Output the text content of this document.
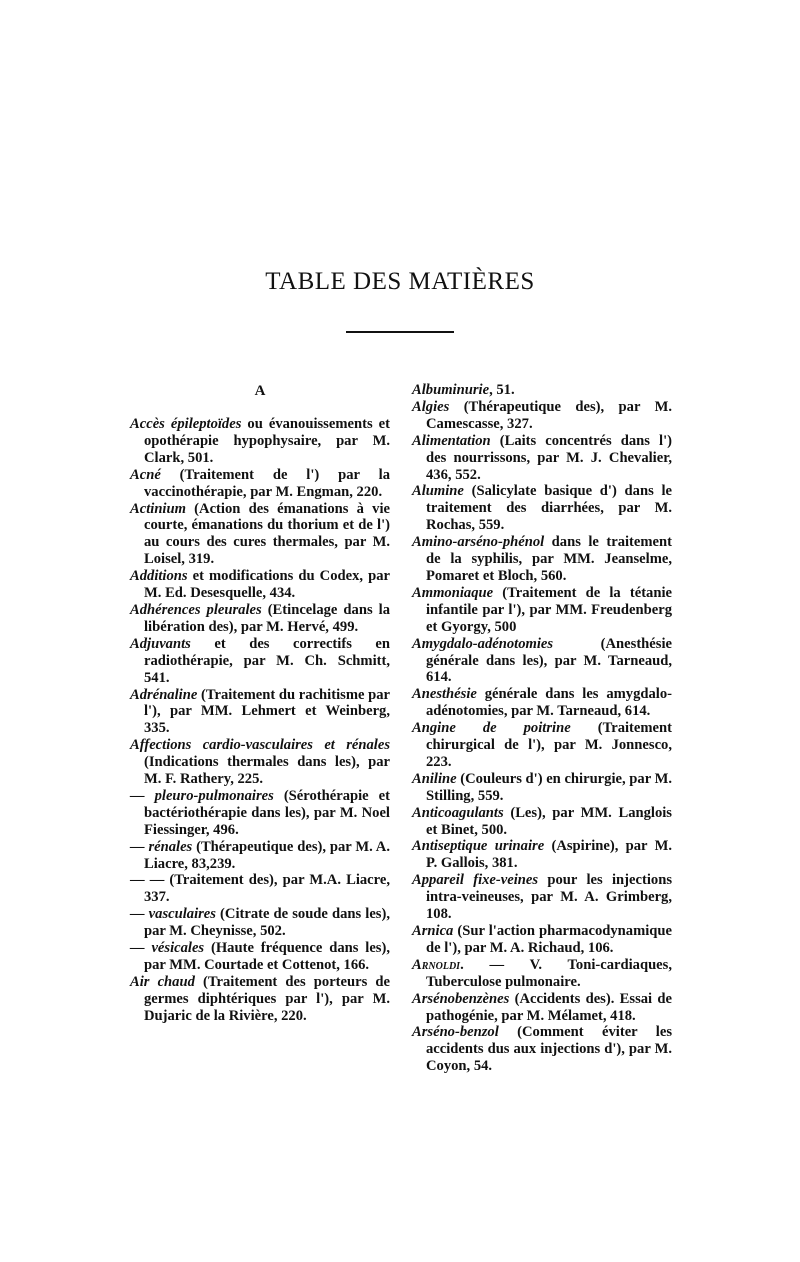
TABLE DES MATIÈRES
A
Accès épileptoïdes ou évanouissements et opothérapie hypophysaire, par M. Clark, 501.
Acné (Traitement de l') par la vaccinothérapie, par M. Engman, 220.
Actinium (Action des émanations à vie courte, émanations du thorium et de l') au cours des cures thermales, par M. Loisel, 319.
Additions et modifications du Codex, par M. Ed. Desesquelle, 434.
Adhérences pleurales (Etincelage dans la libération des), par M. Hervé, 499.
Adjuvants et des correctifs en radiothérapie, par M. Ch. Schmitt, 541.
Adrénaline (Traitement du rachitisme par l'), par MM. Lehmert et Weinberg, 335.
Affections cardio-vasculaires et rénales (Indications thermales dans les), par M. F. Rathery, 225.
— pleuro-pulmonaires (Sérothérapie et bactériothérapie dans les), par M. Noel Fiessinger, 496.
— rénales (Thérapeutique des), par M. A. Liacre, 83,239.
— — (Traitement des), par M.A. Liacre, 337.
— vasculaires (Citrate de soude dans les), par M. Cheynisse, 502.
— vésicales (Haute fréquence dans les), par MM. Courtade et Cottenot, 166.
Air chaud (Traitement des porteurs de germes diphtériques par l'), par M. Dujaric de la Rivière, 220.
Albuminurie, 51.
Algies (Thérapeutique des), par M. Camescasse, 327.
Alimentation (Laits concentrés dans l') des nourrissons, par M. J. Chevalier, 436, 552.
Alumine (Salicylate basique d') dans le traitement des diarrhées, par M. Rochas, 559.
Amino-arséno-phénol dans le traitement de la syphilis, par MM. Jeanselme, Pomaret et Bloch, 560.
Ammoniaque (Traitement de la tétanie infantile par l'), par MM. Freudenberg et Gyorgy, 500
Amygdalo-adénotomies (Anesthésie générale dans les), par M. Tarneaud, 614.
Anesthésie générale dans les amygdalo-adénotomies, par M. Tarneaud, 614.
Angine de poitrine (Traitement chirurgical de l'), par M. Jonnesco, 223.
Aniline (Couleurs d') en chirurgie, par M. Stilling, 559.
Anticoagulants (Les), par MM. Langlois et Binet, 500.
Antiseptique urinaire (Aspirine), par M. P. Gallois, 381.
Appareil fixe-veines pour les injections intra-veineuses, par M. A. Grimberg, 108.
Arnica (Sur l'action pharmacodynamique de l'), par M. A. Richaud, 106.
Arnoldi. — V. Toni-cardiaques, Tuberculose pulmonaire.
Arsénobenzènes (Accidents des). Essai de pathogénie, par M. Mélamet, 418.
Arséno-benzol (Comment éviter les accidents dus aux injections d'), par M. Coyon, 54.
